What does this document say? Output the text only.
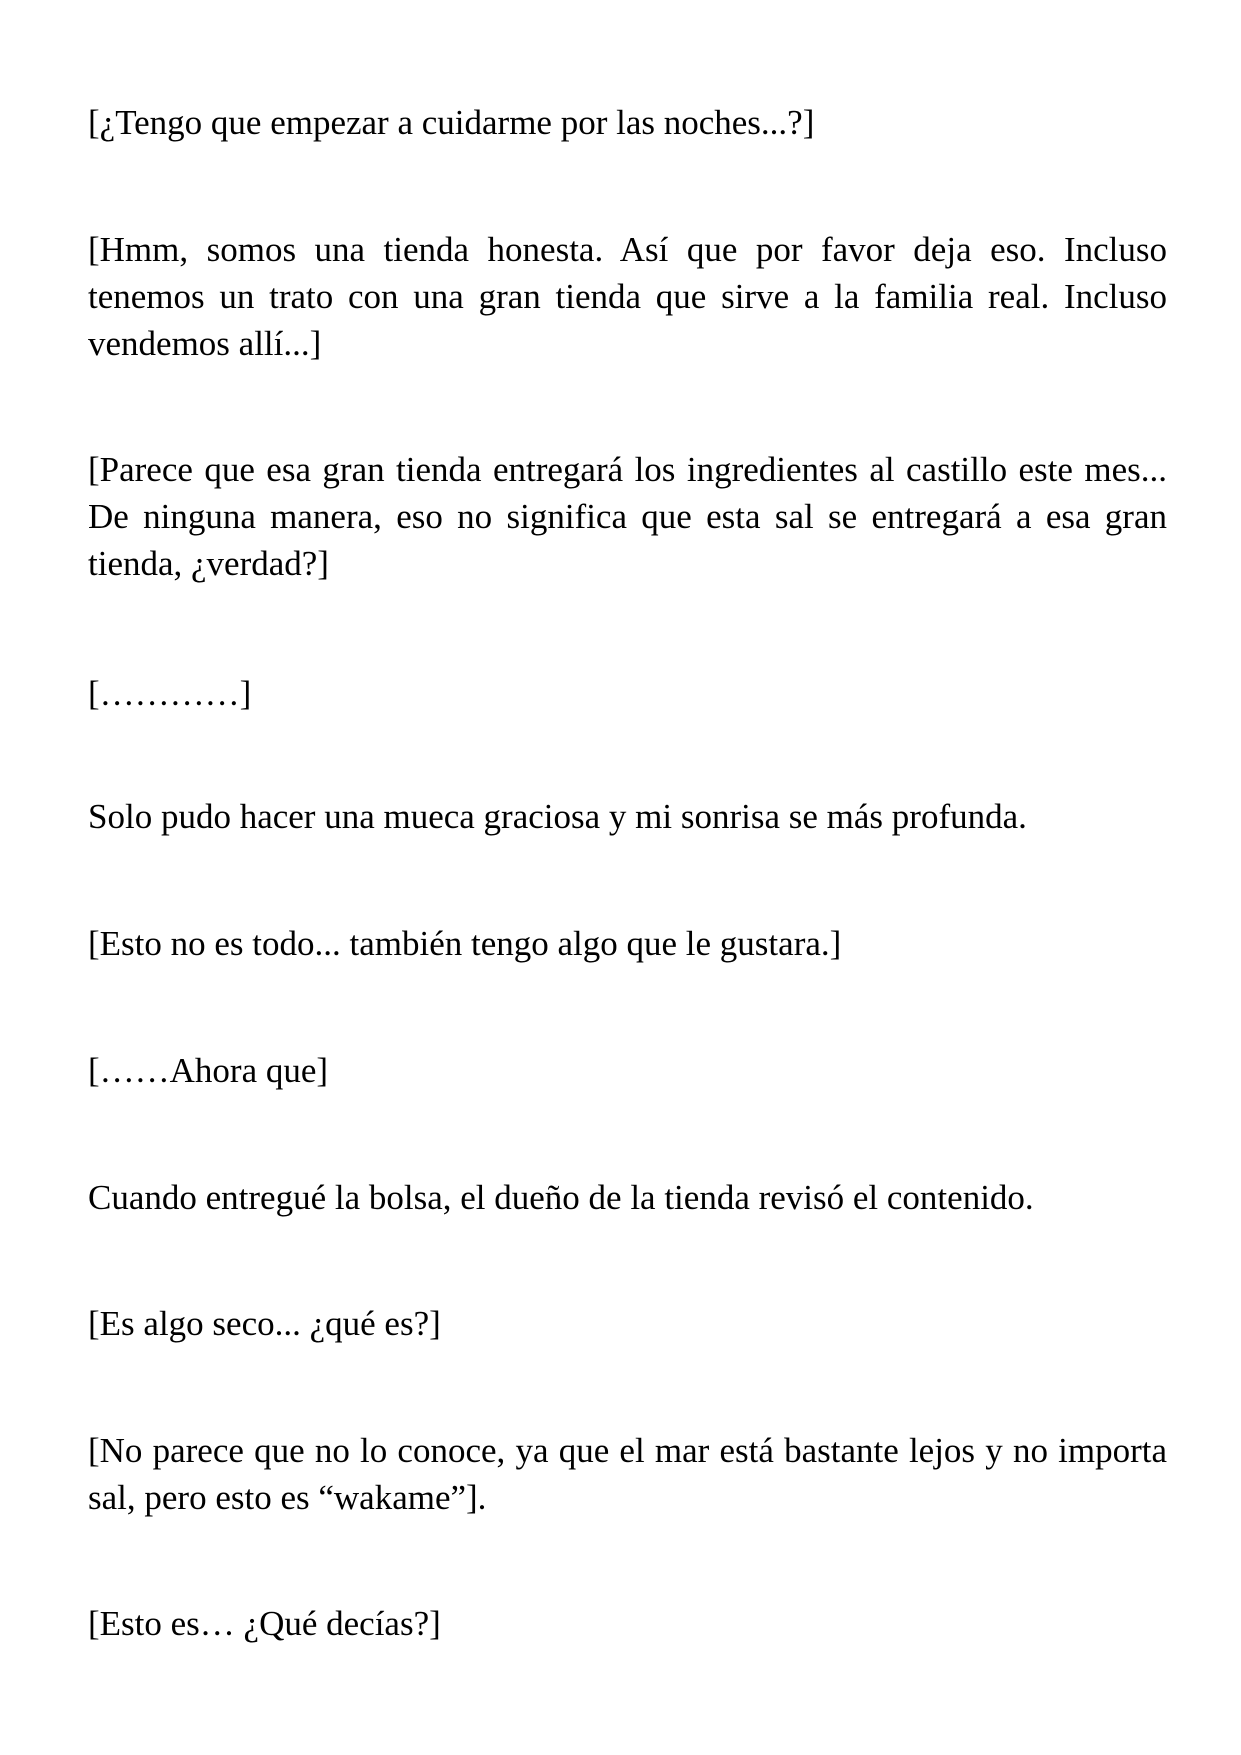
[¿Tengo que empezar a cuidarme por las noches...?]

[Hmm, somos una tienda honesta. Así que por favor deja eso. Incluso tenemos un trato con una gran tienda que sirve a la familia real. Incluso vendemos allí...]

[Parece que esa gran tienda entregará los ingredientes al castillo este mes... De ninguna manera, eso no significa que esta sal se entregará a esa gran tienda, ¿verdad?]

[…………]

Solo pudo hacer una mueca graciosa y mi sonrisa se más profunda.

[Esto no es todo... también tengo algo que le gustara.]

[……Ahora que]

Cuando entregué la bolsa, el dueño de la tienda revisó el contenido.

[Es algo seco... ¿qué es?]

[No parece que no lo conoce, ya que el mar está bastante lejos y no importa sal, pero esto es “wakame”].

[Esto es… ¿Qué decías?]
